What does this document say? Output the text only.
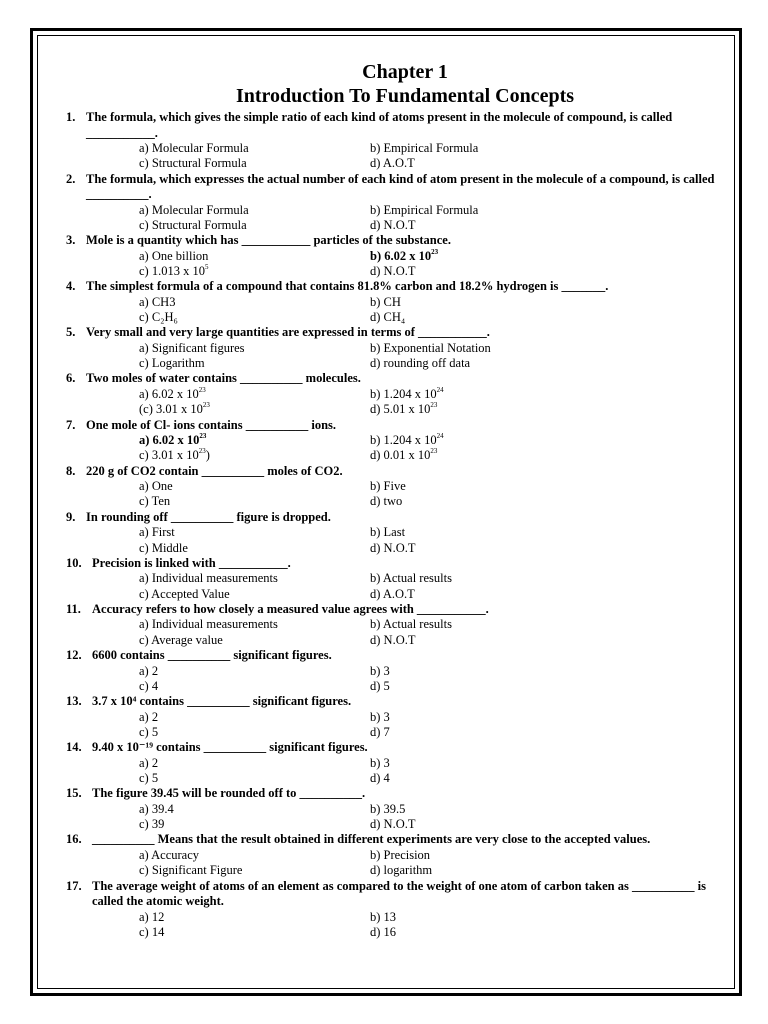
Chapter 1
Introduction To Fundamental Concepts
1. The formula, which gives the simple ratio of each kind of atoms present in the molecule of compound, is called ___________.
a) Molecular Formula	b) Empirical Formula
c) Structural Formula	d) A.O.T
2. The formula, which expresses the actual number of each kind of atom present in the molecule of a compound, is called __________.
a) Molecular Formula	b) Empirical Formula
c) Structural Formula	d) N.O.T
3. Mole is a quantity which has ___________ particles of the substance.
a) One billion	b) 6.02 x $10^{23}$
c) 1.013 x $10^5$	d) N.O.T
4. The simplest formula of a compound that contains 81.8% carbon and 18.2% hydrogen is _______.
a) CH3	b) CH
c) C₂H₆	d) CH₄
5. Very small and very large quantities are expressed in terms of ___________.
a) Significant figures	b) Exponential Notation
c) Logarithm	d) rounding off data
6. Two moles of water contains __________ molecules.
a) 6.02 x $10^{23}$	b) 1.204 x $10^{24}$
(c) 3.01 x $10^{23}$	d) 5.01 x $10^{23}$
7. One mole of Cl- ions contains __________ ions.
a) 6.02 x $10^{23}$	b) 1.204 x $10^{24}$
c) 3.01 x $10^{23}$)	d) 0.01 x $10^{23}$
8. 220 g of CO2 contain __________ moles of CO2.
a) One	b) Five
c) Ten	d) two
9. In rounding off __________ figure is dropped.
a) First	b) Last
c) Middle	d) N.O.T
10. Precision is linked with ___________.
a) Individual measurements	b) Actual results
c) Accepted Value	d) A.O.T
11. Accuracy refers to how closely a measured value agrees with ___________.
a) Individual measurements	b) Actual results
c) Average value	d) N.O.T
12. 6600 contains __________ significant figures.
a) 2	b) 3
c) 4	d) 5
13. 3.7 x 10⁴ contains __________ significant figures.
a) 2	b) 3
c) 5	d) 7
14. 9.40 x 10⁻¹⁹ contains __________ significant figures.
a) 2	b) 3
c) 5	d) 4
15. The figure 39.45 will be rounded off to __________.
a) 39.4	b) 39.5
c) 39	d) N.O.T
16. __________ Means that the result obtained in different experiments are very close to the accepted values.
a) Accuracy	b) Precision
c) Significant Figure	d) logarithm
17. The average weight of atoms of an element as compared to the weight of one atom of carbon taken as __________ is called the atomic weight.
a) 12	b) 13
c) 14	d) 16
